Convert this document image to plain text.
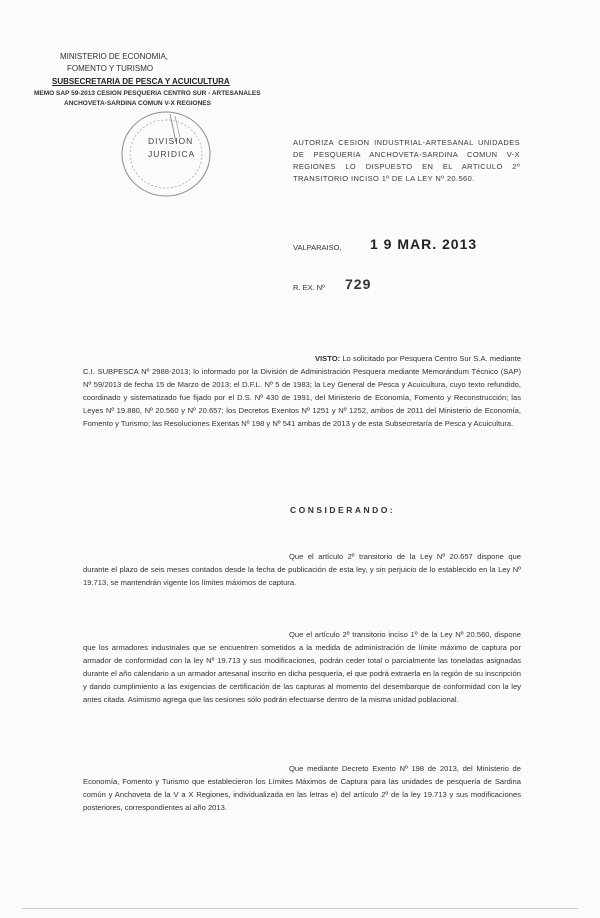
MINISTERIO DE ECONOMIA,
FOMENTO Y TURISMO
SUBSECRETARIA DE PESCA Y ACUICULTURA
MEMO SAP 59-2013 CESION PESQUERIA CENTRO SUR - ARTESANALES
ANCHOVETA-SARDINA COMUN V-X REGIONES
DIVISION
JURIDICA
AUTORIZA CESION INDUSTRIAL-ARTESANAL UNIDADES DE PESQUERIA ANCHOVETA-SARDINA COMUN V-X REGIONES LO DISPUESTO EN EL ARTICULO 2º TRANSITORIO INCISO 1º DE LA LEY Nº 20.560.
VALPARAISO, 1 9 MAR. 2013
R. EX. Nº 729
VISTO: Lo solicitado por Pesquera Centro Sur S.A. mediante C.I. SUBPESCA Nº 2988-2013; lo informado por la División de Administración Pesquera mediante Memorándum Técnico (SAP) Nº 59/2013 de fecha 15 de Marzo de 2013; el D.F.L. Nº 5 de 1983; la Ley General de Pesca y Acuicultura, cuyo texto refundido, coordinado y sistematizado fue fijado por el D.S. Nº 430 de 1991, del Ministerio de Economía, Fomento y Reconstrucción; las Leyes Nº 19.880, Nº 20.560 y Nº 20.657; los Decretos Exentos Nº 1251 y Nº 1252, ambos de 2011 del Ministerio de Economía, Fomento y Turismo; las Resoluciones Exentas Nº 198 y Nº 541 ambas de 2013 y de esta Subsecretaría de Pesca y Acuicultura.
CONSIDERANDO:
Que el artículo 2º transitorio de la Ley Nº 20.657 dispone que durante el plazo de seis meses contados desde la fecha de publicación de esta ley, y sin perjuicio de lo establecido en la Ley Nº 19.713, se mantendrán vigente los límites máximos de captura.
Que el artículo 2º transitorio inciso 1º de la Ley Nº 20.560, dispone que los armadores industriales que se encuentren sometidos a la medida de administración de límite máximo de captura por armador de conformidad con la ley Nº 19.713 y sus modificaciones, podrán ceder total o parcialmente las toneladas asignadas durante el año calendario a un armador artesanal inscrito en dicha pesquería, el que podrá extraerla en la región de su inscripción y dando cumplimiento a las exigencias de certificación de las capturas al momento del desembarque de conformidad con la ley antes citada. Asimismo agrega que las cesiones sólo podrán efectuarse dentro de la misma unidad poblacional.
Que mediante Decreto Exento Nº 198 de 2013, del Ministerio de Economía, Fomento y Turismo que establecieron los Límites Máximos de Captura para las unidades de pesquería de Sardina común y Anchoveta de la V a X Regiones, individualizada en las letras e) del artículo 2º de la ley 19.713 y sus modificaciones posteriores, correspondientes al año 2013.
